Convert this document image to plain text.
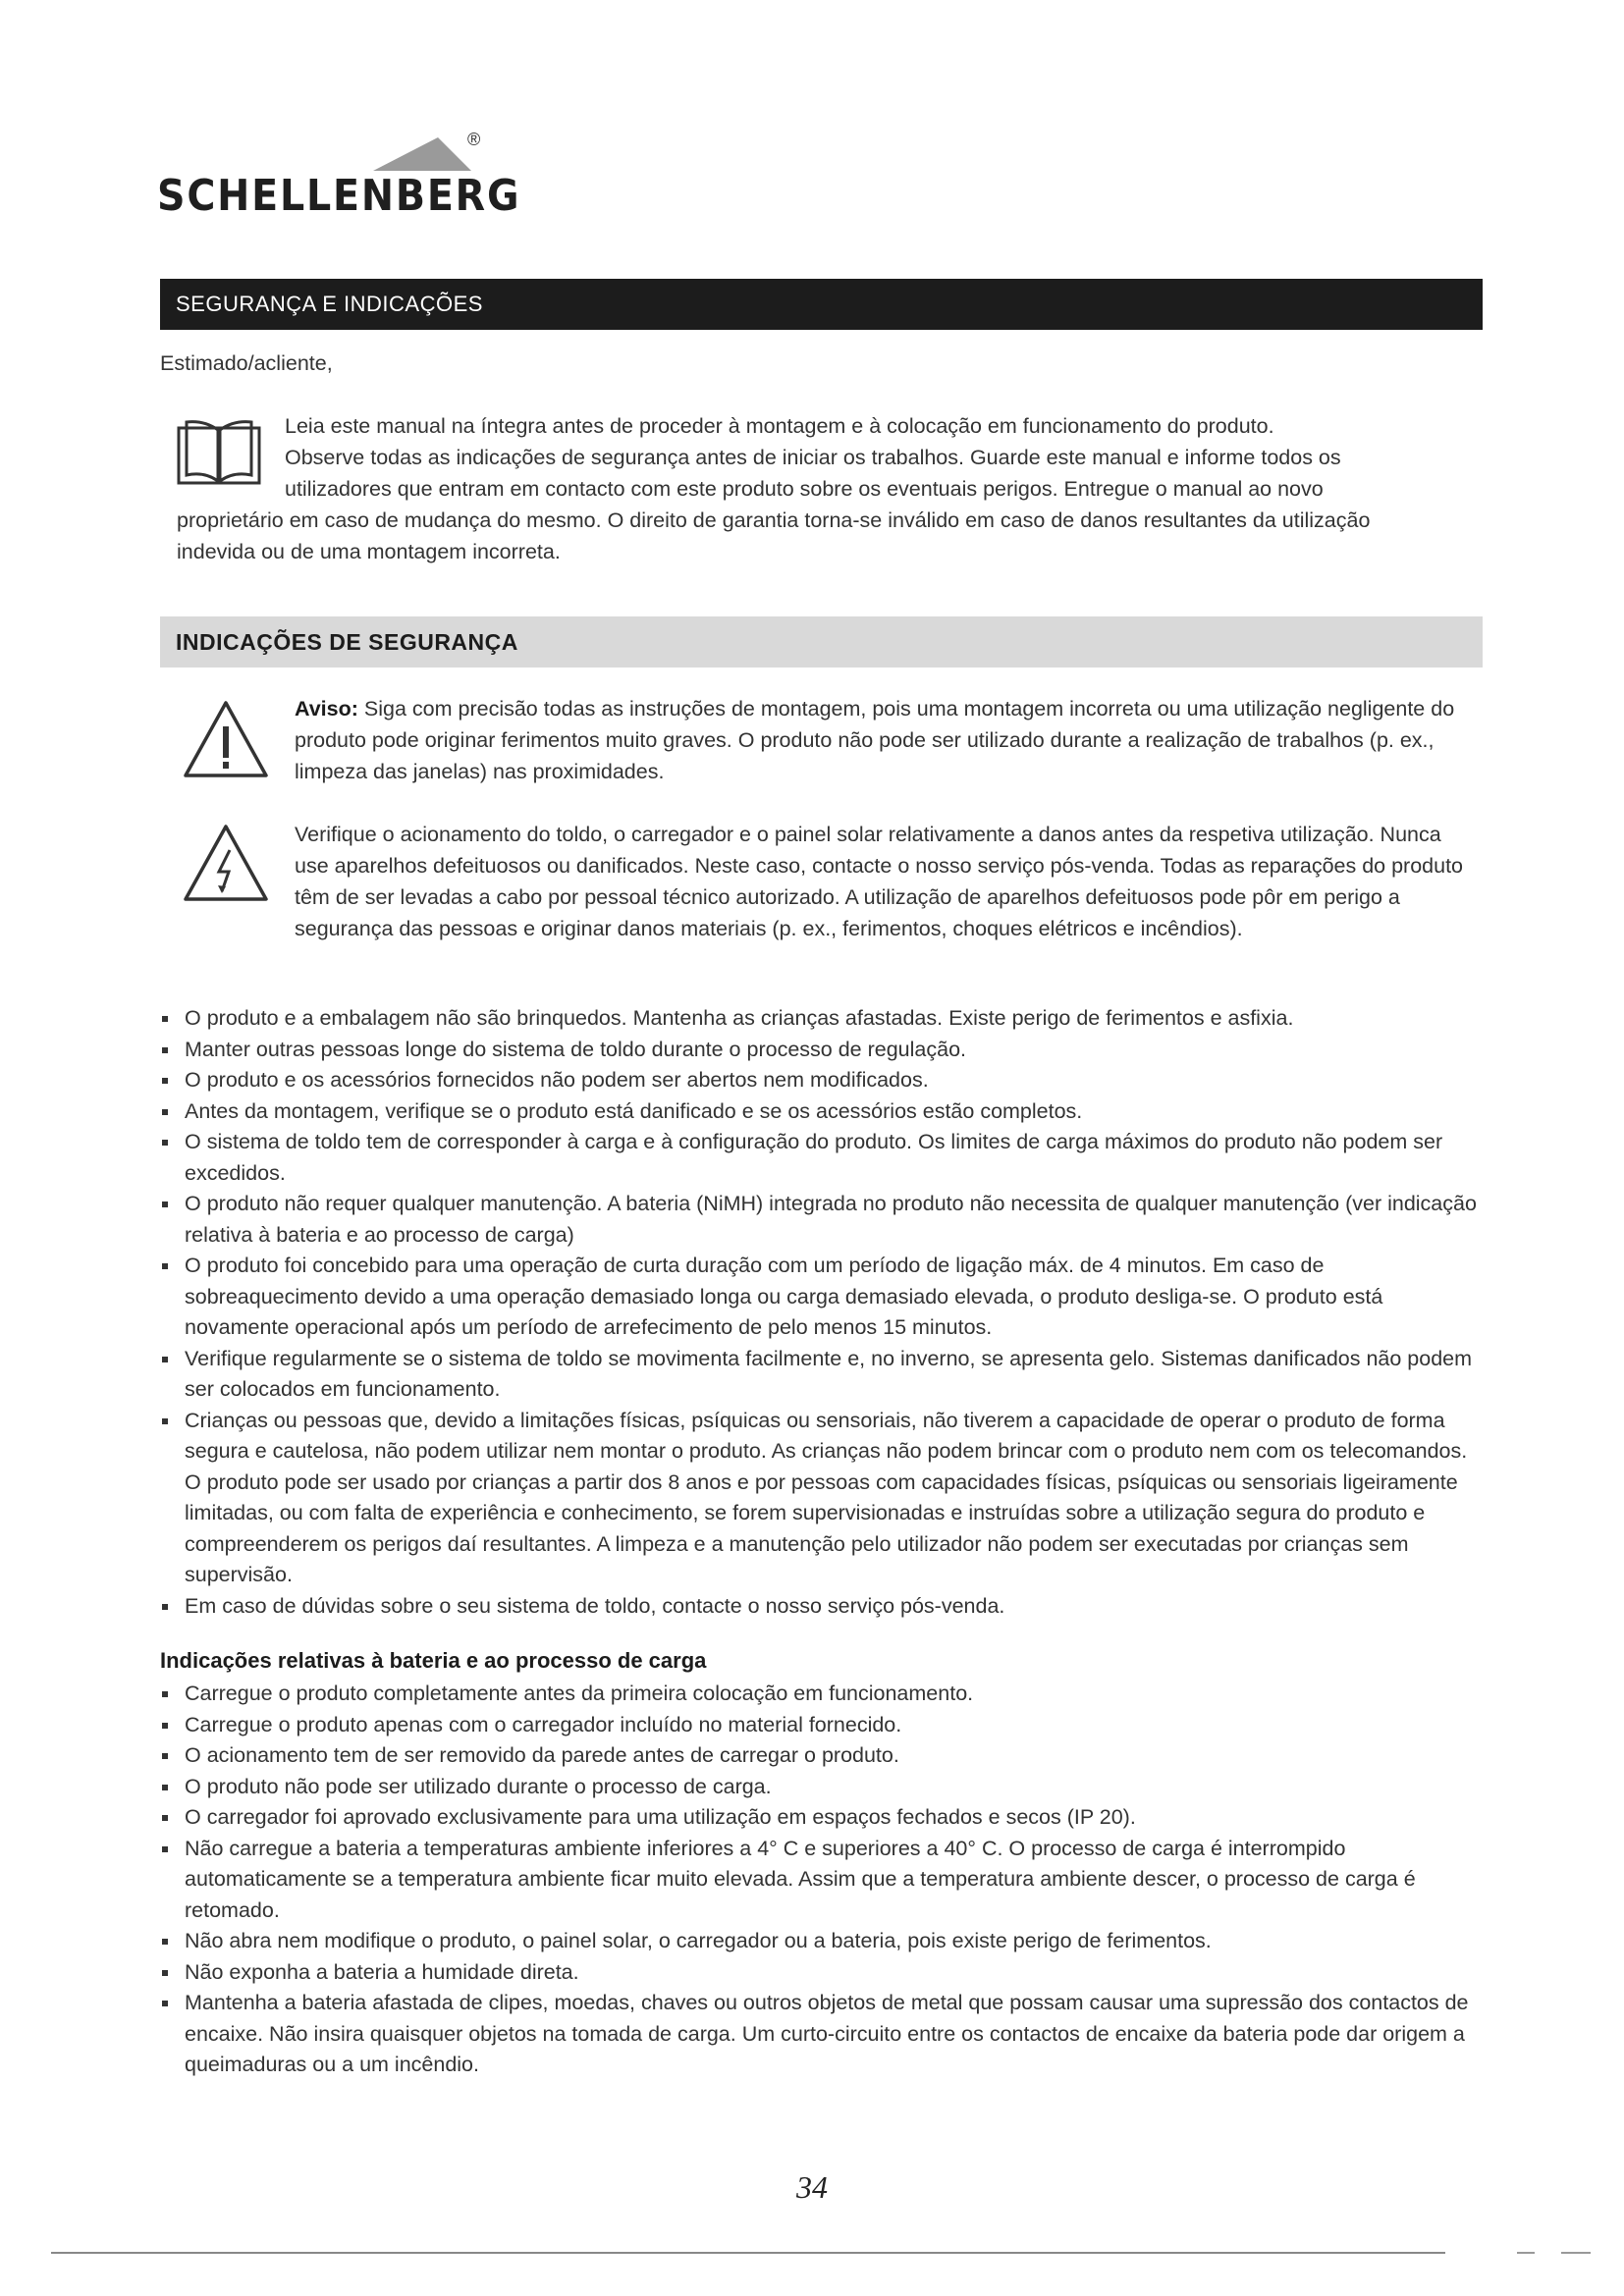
®
SCHELLENBERG
SEGURANÇA E INDICAÇÕES
Estimado/acliente,
Leia este manual na íntegra antes de proceder à montagem e à colocação em funcionamento do produto.
Observe todas as indicações de segurança antes de iniciar os trabalhos. Guarde este manual e informe todos os
utilizadores que entram em contacto com este produto sobre os eventuais perigos. Entregue o manual ao novo
proprietário em caso de mudança do mesmo. O direito de garantia torna-se inválido em caso de danos resultantes da utilização indevida ou de uma montagem incorreta.
INDICAÇÕES DE SEGURANÇA
Aviso: Siga com precisão todas as instruções de montagem, pois uma montagem incorreta ou uma utilização negligente do produto pode originar ferimentos muito graves. O produto não pode ser utilizado durante a realização de trabalhos (p. ex., limpeza das janelas) nas proximidades.
Verifique o acionamento do toldo, o carregador e o painel solar relativamente a danos antes da respetiva utilização. Nunca use aparelhos defeituosos ou danificados. Neste caso, contacte o nosso serviço pós-venda. Todas as reparações do produto têm de ser levadas a cabo por pessoal técnico autorizado. A utilização de aparelhos defeituosos pode pôr em perigo a segurança das pessoas e originar danos materiais (p. ex., ferimentos, choques elétricos e incêndios).
O produto e a embalagem não são brinquedos. Mantenha as crianças afastadas. Existe perigo de ferimentos e asfixia.
Manter outras pessoas longe do sistema de toldo durante o processo de regulação.
O produto e os acessórios fornecidos não podem ser abertos nem modificados.
Antes da montagem, verifique se o produto está danificado e se os acessórios estão completos.
O sistema de toldo tem de corresponder à carga e à configuração do produto. Os limites de carga máximos do produto não podem ser excedidos.
O produto não requer qualquer manutenção. A bateria (NiMH) integrada no produto não necessita de qualquer manutenção (ver indicação relativa à bateria e ao processo de carga)
O produto foi concebido para uma operação de curta duração com um período de ligação máx. de 4 minutos. Em caso de sobreaquecimento devido a uma operação demasiado longa ou carga demasiado elevada, o produto desliga-se. O produto está novamente operacional após um período de arrefecimento de pelo menos 15 minutos.
Verifique regularmente se o sistema de toldo se movimenta facilmente e, no inverno, se apresenta gelo. Sistemas danificados não podem ser colocados em funcionamento.
Crianças ou pessoas que, devido a limitações físicas, psíquicas ou sensoriais, não tiverem a capacidade de operar o produto de forma segura e cautelosa, não podem utilizar nem montar o produto. As crianças não podem brincar com o produto nem com os telecomandos. O produto pode ser usado por crianças a partir dos 8 anos e por pessoas com capacidades físicas, psíquicas ou sensoriais ligeiramente limitadas, ou com falta de experiência e conhecimento, se forem supervisionadas e instruídas sobre a utilização segura do produto e compreenderem os perigos daí resultantes. A limpeza e a manutenção pelo utilizador não podem ser executadas por crianças sem supervisão.
Em caso de dúvidas sobre o seu sistema de toldo, contacte o nosso serviço pós-venda.
Indicações relativas à bateria e ao processo de carga
Carregue o produto completamente antes da primeira colocação em funcionamento.
Carregue o produto apenas com o carregador incluído no material fornecido.
O acionamento tem de ser removido da parede antes de carregar o produto.
O produto não pode ser utilizado durante o processo de carga.
O carregador foi aprovado exclusivamente para uma utilização em espaços fechados e secos (IP 20).
Não carregue a bateria a temperaturas ambiente inferiores a 4° C e superiores a 40° C. O processo de carga é interrompido automaticamente se a temperatura ambiente ficar muito elevada. Assim que a temperatura ambiente descer, o processo de carga é retomado.
Não abra nem modifique o produto, o painel solar, o carregador ou a bateria, pois existe perigo de ferimentos.
Não exponha a bateria a humidade direta.
Mantenha a bateria afastada de clipes, moedas, chaves ou outros objetos de metal que possam causar uma supressão dos contactos de encaixe. Não insira quaisquer objetos na tomada de carga. Um curto-circuito entre os contactos de encaixe da bateria pode dar origem a queimaduras ou a um incêndio.
34
